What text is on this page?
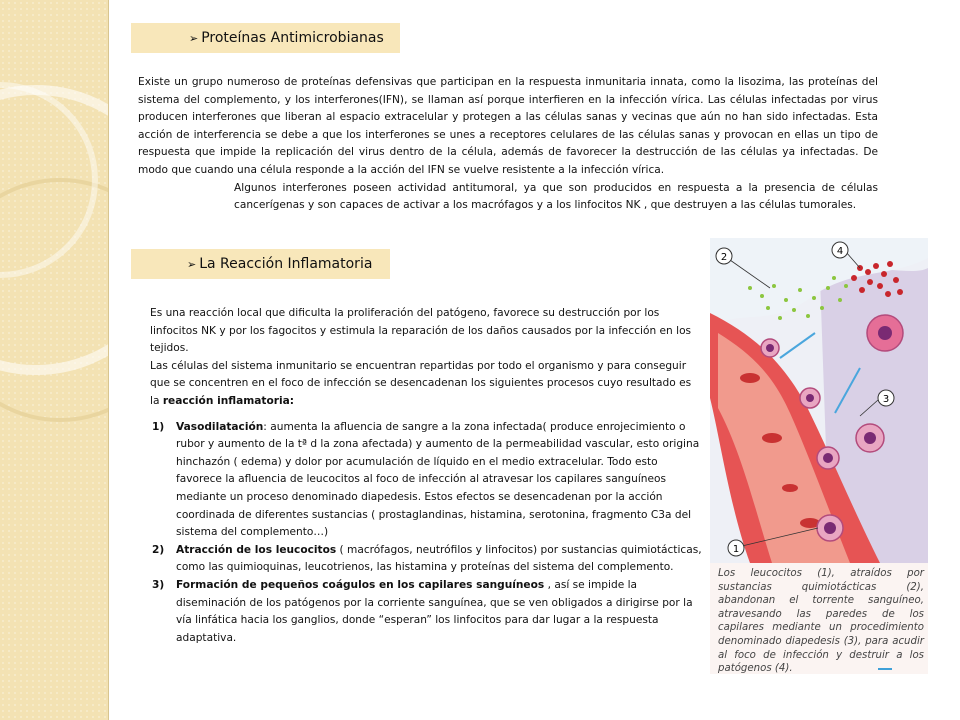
➢ Proteínas Antimicrobianas

Existe un grupo numeroso de proteínas defensivas que participan en la respuesta inmunitaria innata, como la lisozima, las proteínas del sistema del complemento, y los interferones(IFN), se llaman así porque interfieren en la infección vírica. Las células infectadas por virus producen interferones que liberan al espacio extracelular y protegen a las células sanas y vecinas que aún no han sido infectadas. Esta acción de interferencia se debe a que los interferones se unes a receptores celulares de las células sanas y provocan en ellas un tipo de respuesta que impide la replicación del virus dentro de la célula, además de favorecer la destrucción de las células ya infectadas. De modo que cuando una célula responde a la acción del IFN se vuelve resistente a la infección vírica.

Algunos interferones poseen actividad antitumoral, ya que son producidos en respuesta a la presencia de células cancerígenas y son capaces de activar a los macrófagos y a los linfocitos NK , que destruyen a las células tumorales.

➢ La Reacción Inflamatoria

Es una reacción local que dificulta la proliferación del patógeno, favorece su destrucción por los linfocitos NK y por los fagocitos y estimula la reparación de los daños causados por la infección en los tejidos.

Las células del sistema inmunitario se encuentran repartidas por todo el organismo y para conseguir que se concentren en el foco de infección se desencadenan los siguientes procesos cuyo resultado es la reacción inflamatoria:

1) Vasodilatación: aumenta la afluencia de sangre a la zona infectada( produce enrojecimiento o rubor y aumento de la tª d la zona afectada) y aumento de la permeabilidad vascular, esto origina hinchazón ( edema) y dolor por acumulación de líquido en el medio extracelular. Todo esto favorece la afluencia de leucocitos al foco de infección al atravesar los capilares sanguíneos mediante un proceso denominado diapedesis. Estos efectos se desencadenan por la acción coordinada de diferentes sustancias ( prostaglandinas, histamina, serotonina, fragmento C3a del sistema del complemento…)
2) Atracción de los leucocitos ( macrófagos, neutrófilos y linfocitos) por sustancias quimiotácticas, como las quimioquinas, leucotrienos, las histamina y proteínas del sistema del complemento.
3) Formación de pequeños coágulos en los capilares sanguíneos , así se impide la diseminación de los patógenos por la corriente sanguínea, que se ven obligados a dirigirse por la vía linfática hacia los ganglios, donde “esperan” los linfocitos para dar lugar a la respuesta adaptativa.
2
4
3
1
Los leucocitos (1), atraídos por sustancias quimiotácticas (2), abandonan el torrente sanguíneo, atravesando las paredes de los capilares mediante un procedimiento denominado diapedesis (3), para acudir al foco de infección y destruir a los patógenos (4).
